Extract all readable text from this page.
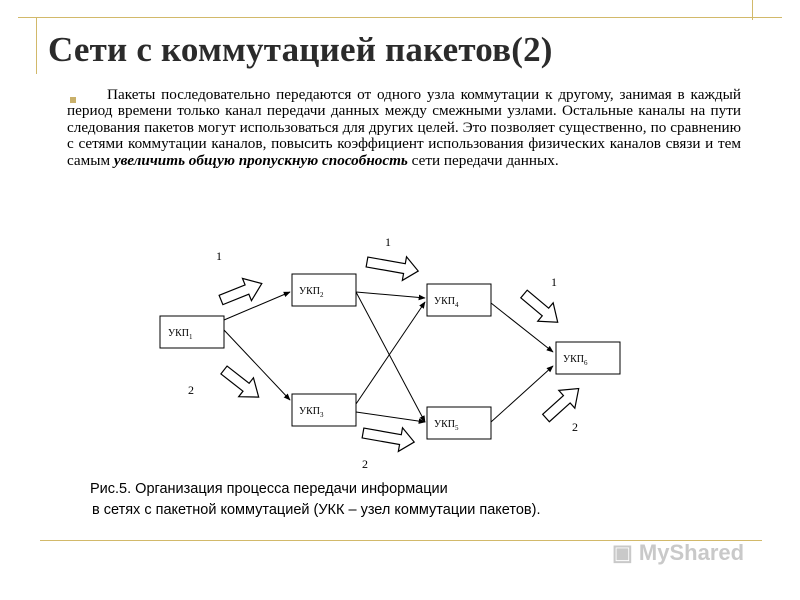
Сети с коммутацией пакетов(2)

Пакеты последовательно передаются от одного узла коммутации к другому, занимая в каждый период времени только канал передачи данных между смежными узлами. Остальные каналы на пути следования пакетов могут использоваться для других целей. Это позволяет существенно, по сравнению с сетями коммутации каналов, повысить коэффициент использования физических каналов связи и тем самым увеличить общую пропускную способность сети передачи данных.

$УКП_1$
$УКП_2$
$УКП_3$
$УКП_4$
$УКП_5$
$УКП_6$
1
2
1
2
1
2
Рис.5. Организация процесса передачи информации
в сетях с пакетной коммутацией (УКК – узел коммутации пакетов).
▣ MyShared
